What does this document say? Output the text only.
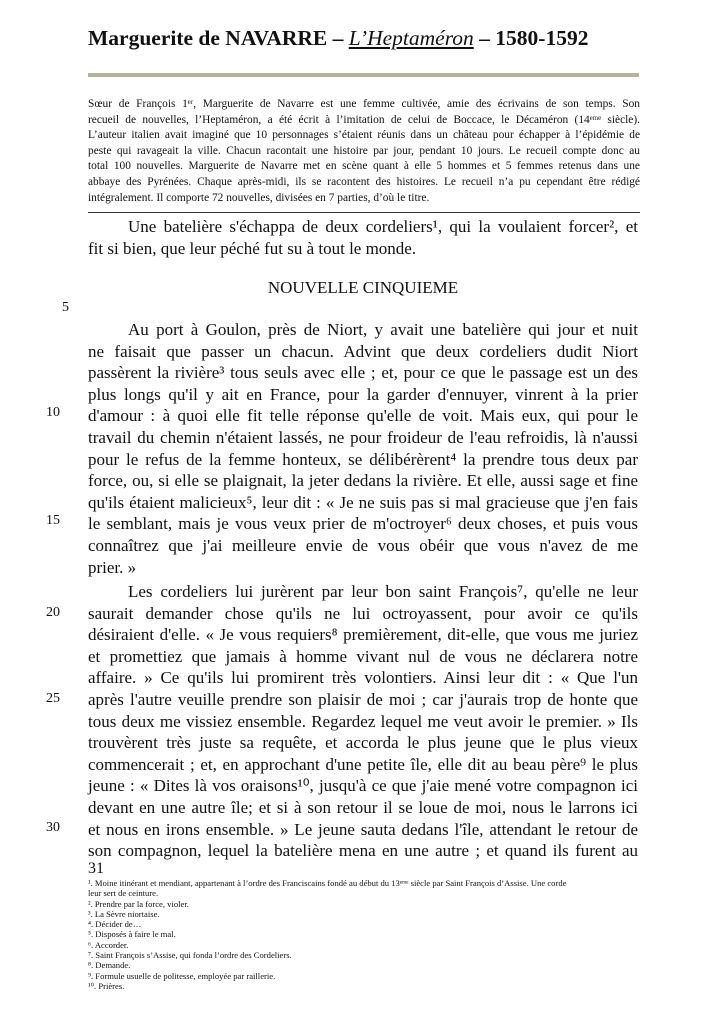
Marguerite de NAVARRE – L’Heptaméron – 1580-1592
Sœur de François 1ᵉʳ, Marguerite de Navarre est une femme cultivée, amie des écrivains de son temps. Son
recueil de nouvelles, l’Heptaméron, a été écrit à l’imitation de celui de Boccace, le Décaméron (14ᵉᵐᵉ siècle).
L’auteur italien avait imaginé que 10 personnages s’étaient réunis dans un château pour échapper à l’épidémie de
peste qui ravageait la ville. Chacun racontait une histoire par jour, pendant 10 jours. Le recueil compte donc au
total 100 nouvelles. Marguerite de Navarre met en scène quant à elle 5 hommes et 5 femmes retenus dans une
abbaye des Pyrénées. Chaque après-midi, ils se racontent des histoires. Le recueil n’a pu cependant être rédigé
intégralement. Il comporte 72 nouvelles, divisées en 7 parties, d’où le titre.
Une batelière s'échappa de deux cordeliers¹, qui la voulaient forcer², et
fit si bien, que leur péché fut su à tout le monde.
Au port à Goulon, près de Niort, y avait une batelière qui jour et nuit
ne faisait que passer un chacun. Advint que deux cordeliers dudit Niort
passèrent la rivière³ tous seuls avec elle ; et, pour ce que le passage est un des
plus longs qu'il y ait en France, pour la garder d'ennuyer, vinrent à la prier
d'amour : à quoi elle fit telle réponse qu'elle de voit. Mais eux, qui pour le
travail du chemin n'étaient lassés, ne pour froideur de l'eau refroidis, là n'aussi
pour le refus de la femme honteux, se délibérèrent⁴ la prendre tous deux par
force, ou, si elle se plaignait, la jeter dedans la rivière. Et elle, aussi sage et fine
qu'ils étaient malicieux⁵, leur dit : « Je ne suis pas si mal gracieuse que j'en fais
le semblant, mais je vous veux prier de m'octroyer⁶ deux choses, et puis vous
connaîtrez que j'ai meilleure envie de vous obéir que vous n'avez de me
prier. »
Les cordeliers lui jurèrent par leur bon saint François⁷, qu'elle ne leur
saurait demander chose qu'ils ne lui octroyassent, pour avoir ce qu'ils
désiraient d'elle. « Je vous requiers⁸ premièrement, dit-elle, que vous me juriez
et promettiez que jamais à homme vivant nul de vous ne déclarera notre
affaire. » Ce qu'ils lui promirent très volontiers. Ainsi leur dit : « Que l'un
après l'autre veuille prendre son plaisir de moi ; car j'aurais trop de honte que
tous deux me vissiez ensemble. Regardez lequel me veut avoir le premier. » Ils
trouvèrent très juste sa requête, et accorda le plus jeune que le plus vieux
commencerait ; et, en approchant d'une petite île, elle dit au beau père⁹ le plus
jeune : « Dites là vos oraisons¹⁰, jusqu'à ce que j'aie mené votre compagnon ici
devant en une autre île; et si à son retour il se loue de moi, nous le larrons ici
et nous en irons ensemble. » Le jeune sauta dedans l'île, attendant le retour de
son compagnon, lequel la batelière mena en une autre ; et quand ils furent au
NOUVELLE CINQUIEME
5
10
15
20
25
30
31
¹. Moine itinérant et mendiant, appartenant à l’ordre des Franciscains fondé au début du 13ᵉᵐᵉ siècle par Saint François d’Assise. Une corde
leur sert de ceinture.
². Prendre par la force, violer.
³. La Sèvre niortaise.
⁴. Décider de…
⁵. Disposés à faire le mal.
⁶. Accorder.
⁷. Saint François s’Assise, qui fonda l’ordre des Cordeliers.
⁸. Demande.
⁹. Formule usuelle de politesse, employée par raillerie.
¹⁰. Prières.
